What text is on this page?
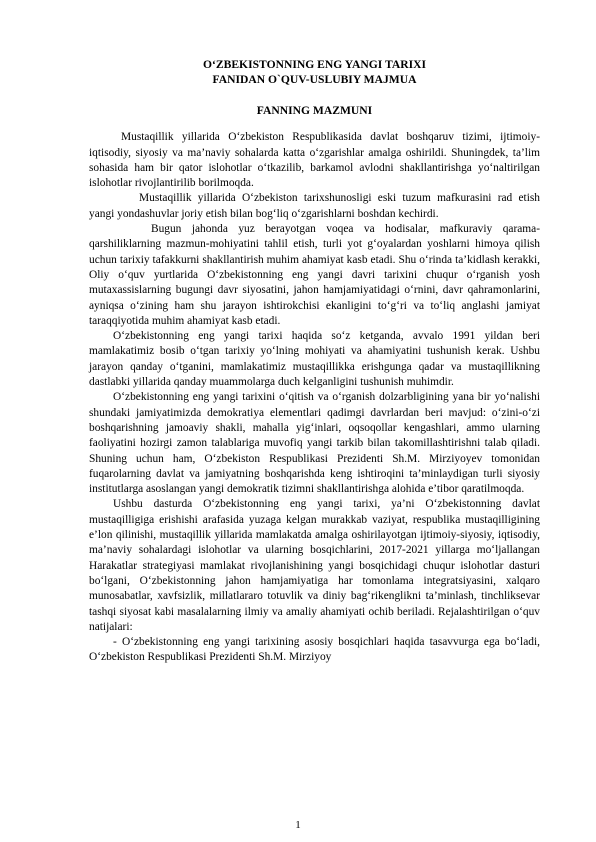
O‘ZBEKISTONNING ENG YANGI TARIXI

FANIDAN O`QUV-USLUBIY MAJMUA

FANNING MAZMUNI

Mustaqillik yillarida O‘zbekiston Respublikasida davlat boshqaruv tizimi, ijtimoiy-iqtisodiy, siyosiy va ma’naviy sohalarda katta o‘zgarishlar amalga oshirildi. Shuningdek, ta’lim sohasida ham bir qator islohotlar o‘tkazilib, barkamol avlodni shakllantirishga yo‘naltirilgan islohotlar rivojlantirilib borilmoqda.

Mustaqillik yillarida O‘zbekiston tarixshunosligi eski tuzum mafkurasini rad etish yangi yondashuvlar joriy etish bilan bog‘liq o‘zgarishlarni boshdan kechirdi.

Bugun jahonda yuz berayotgan voqea va hodisalar, mafkuraviy qarama-qarshiliklarning mazmun-mohiyatini tahlil etish, turli yot g‘oyalardan yoshlarni himoya qilish uchun tarixiy tafakkurni shakllantirish muhim ahamiyat kasb etadi. Shu o‘rinda ta’kidlash kerakki, Oliy o‘quv yurtlarida O‘zbekistonning eng yangi davri tarixini chuqur o‘rganish yosh mutaxassislarning bugungi davr siyosatini, jahon hamjamiyatidagi o‘rnini, davr qahramonlarini, ayniqsa o‘zining ham shu jarayon ishtirokchisi ekanligini to‘g‘ri va to‘liq anglashi jamiyat taraqqiyotida muhim ahamiyat kasb etadi.

O‘zbekistonning eng yangi tarixi haqida so‘z ketganda, avvalo 1991 yildan beri mamlakatimiz bosib o‘tgan tarixiy yo‘lning mohiyati va ahamiyatini tushunish kerak. Ushbu jarayon qanday o‘tganini, mamlakatimiz mustaqillikka erishgunga qadar va mustaqillikning dastlabki yillarida qanday muammolarga duch kelganligini tushunish muhimdir.

O‘zbekistonning eng yangi tarixini o‘qitish va o‘rganish dolzarbligining yana bir yo‘nalishi shundaki jamiyatimizda demokratiya elementlari qadimgi davrlardan beri mavjud: o‘zini-o‘zi boshqarishning jamoaviy shakli, mahalla yig‘inlari, oqsoqollar kengashlari, ammo ularning faoliyatini hozirgi zamon talablariga muvofiq yangi tarkib bilan takomillashtirishni talab qiladi. Shuning uchun ham, O‘zbekiston Respublikasi Prezidenti Sh.M. Mirziyoyev tomonidan fuqarolarning davlat va jamiyatning boshqarishda keng ishtiroqini ta’minlaydigan turli siyosiy institutlarga asoslangan yangi demokratik tizimni shakllantirishga alohida e’tibor qaratilmoqda.

Ushbu dasturda O‘zbekistonning eng yangi tarixi, ya’ni O‘zbekistonning davlat mustaqilligiga erishishi arafasida yuzaga kelgan murakkab vaziyat, respublika mustaqilligining e’lon qilinishi, mustaqillik yillarida mamlakatda amalga oshirilayotgan ijtimoiy-siyosiy, iqtisodiy, ma’naviy sohalardagi islohotlar va ularning bosqichlarini, 2017-2021 yillarga mo‘ljallangan Harakatlar strategiyasi mamlakat rivojlanishining yangi bosqichidagi chuqur islohotlar dasturi bo‘lgani, O‘zbekistonning jahon hamjamiyatiga har tomonlama integratsiyasini, xalqaro munosabatlar, xavfsizlik, millatlararo totuvlik va diniy bag‘rikenglikni ta’minlash, tinchliksevar tashqi siyosat kabi masalalarning ilmiy va amaliy ahamiyati ochib beriladi. Rejalashtirilgan o‘quv natijalari:

- O‘zbekistonning eng yangi tarixining asosiy bosqichlari haqida tasavvurga ega bo‘ladi, O‘zbekiston Respublikasi Prezidenti Sh.M. Mirziyoy

1
